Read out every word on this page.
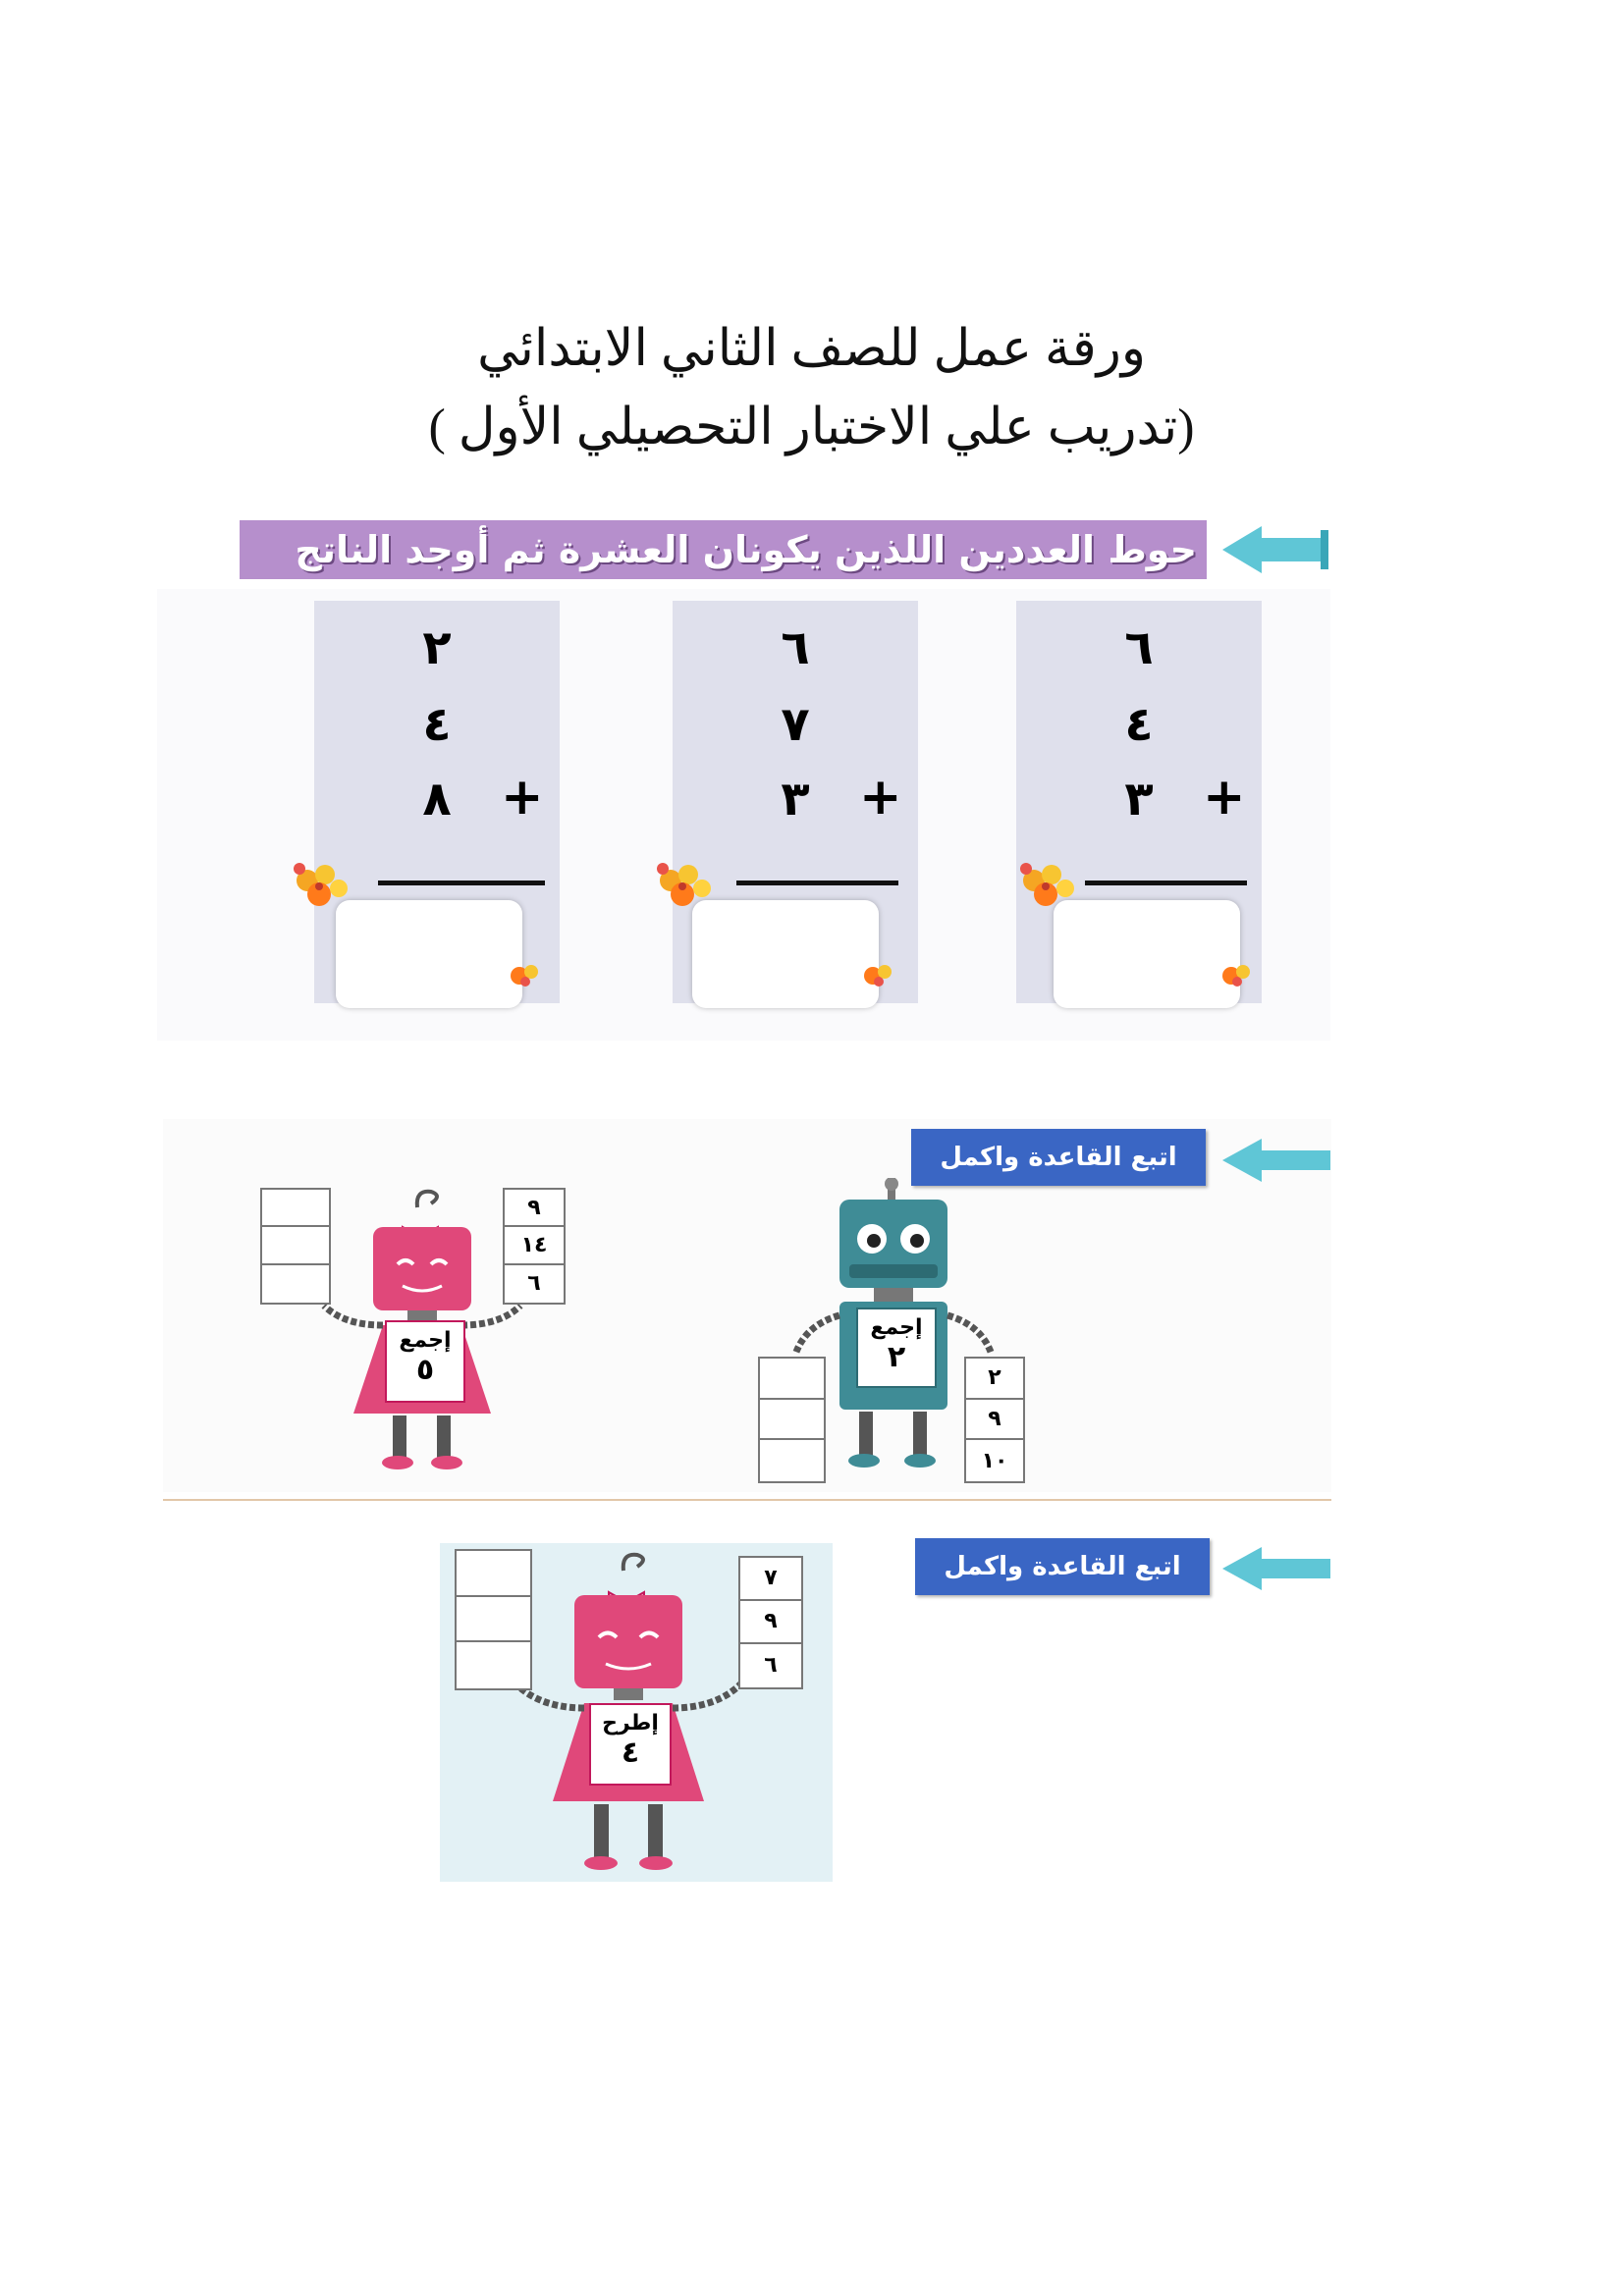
ورقة عمل للصف الثاني الابتدائي
(تدريب علي الاختبار التحصيلي الأول )
حوط العددين اللذين يكونان العشرة ثم أوجد الناتج
٦
٤
٣ +
٦
٧
٣ +
٢
٤
٨ +
اتبع القاعدة واكمل
إجمع
٥
٩
١٤
٦
إجمع
٢
٢
٩
١٠
اتبع القاعدة واكمل
إطرح
٤
٧
٩
٦
